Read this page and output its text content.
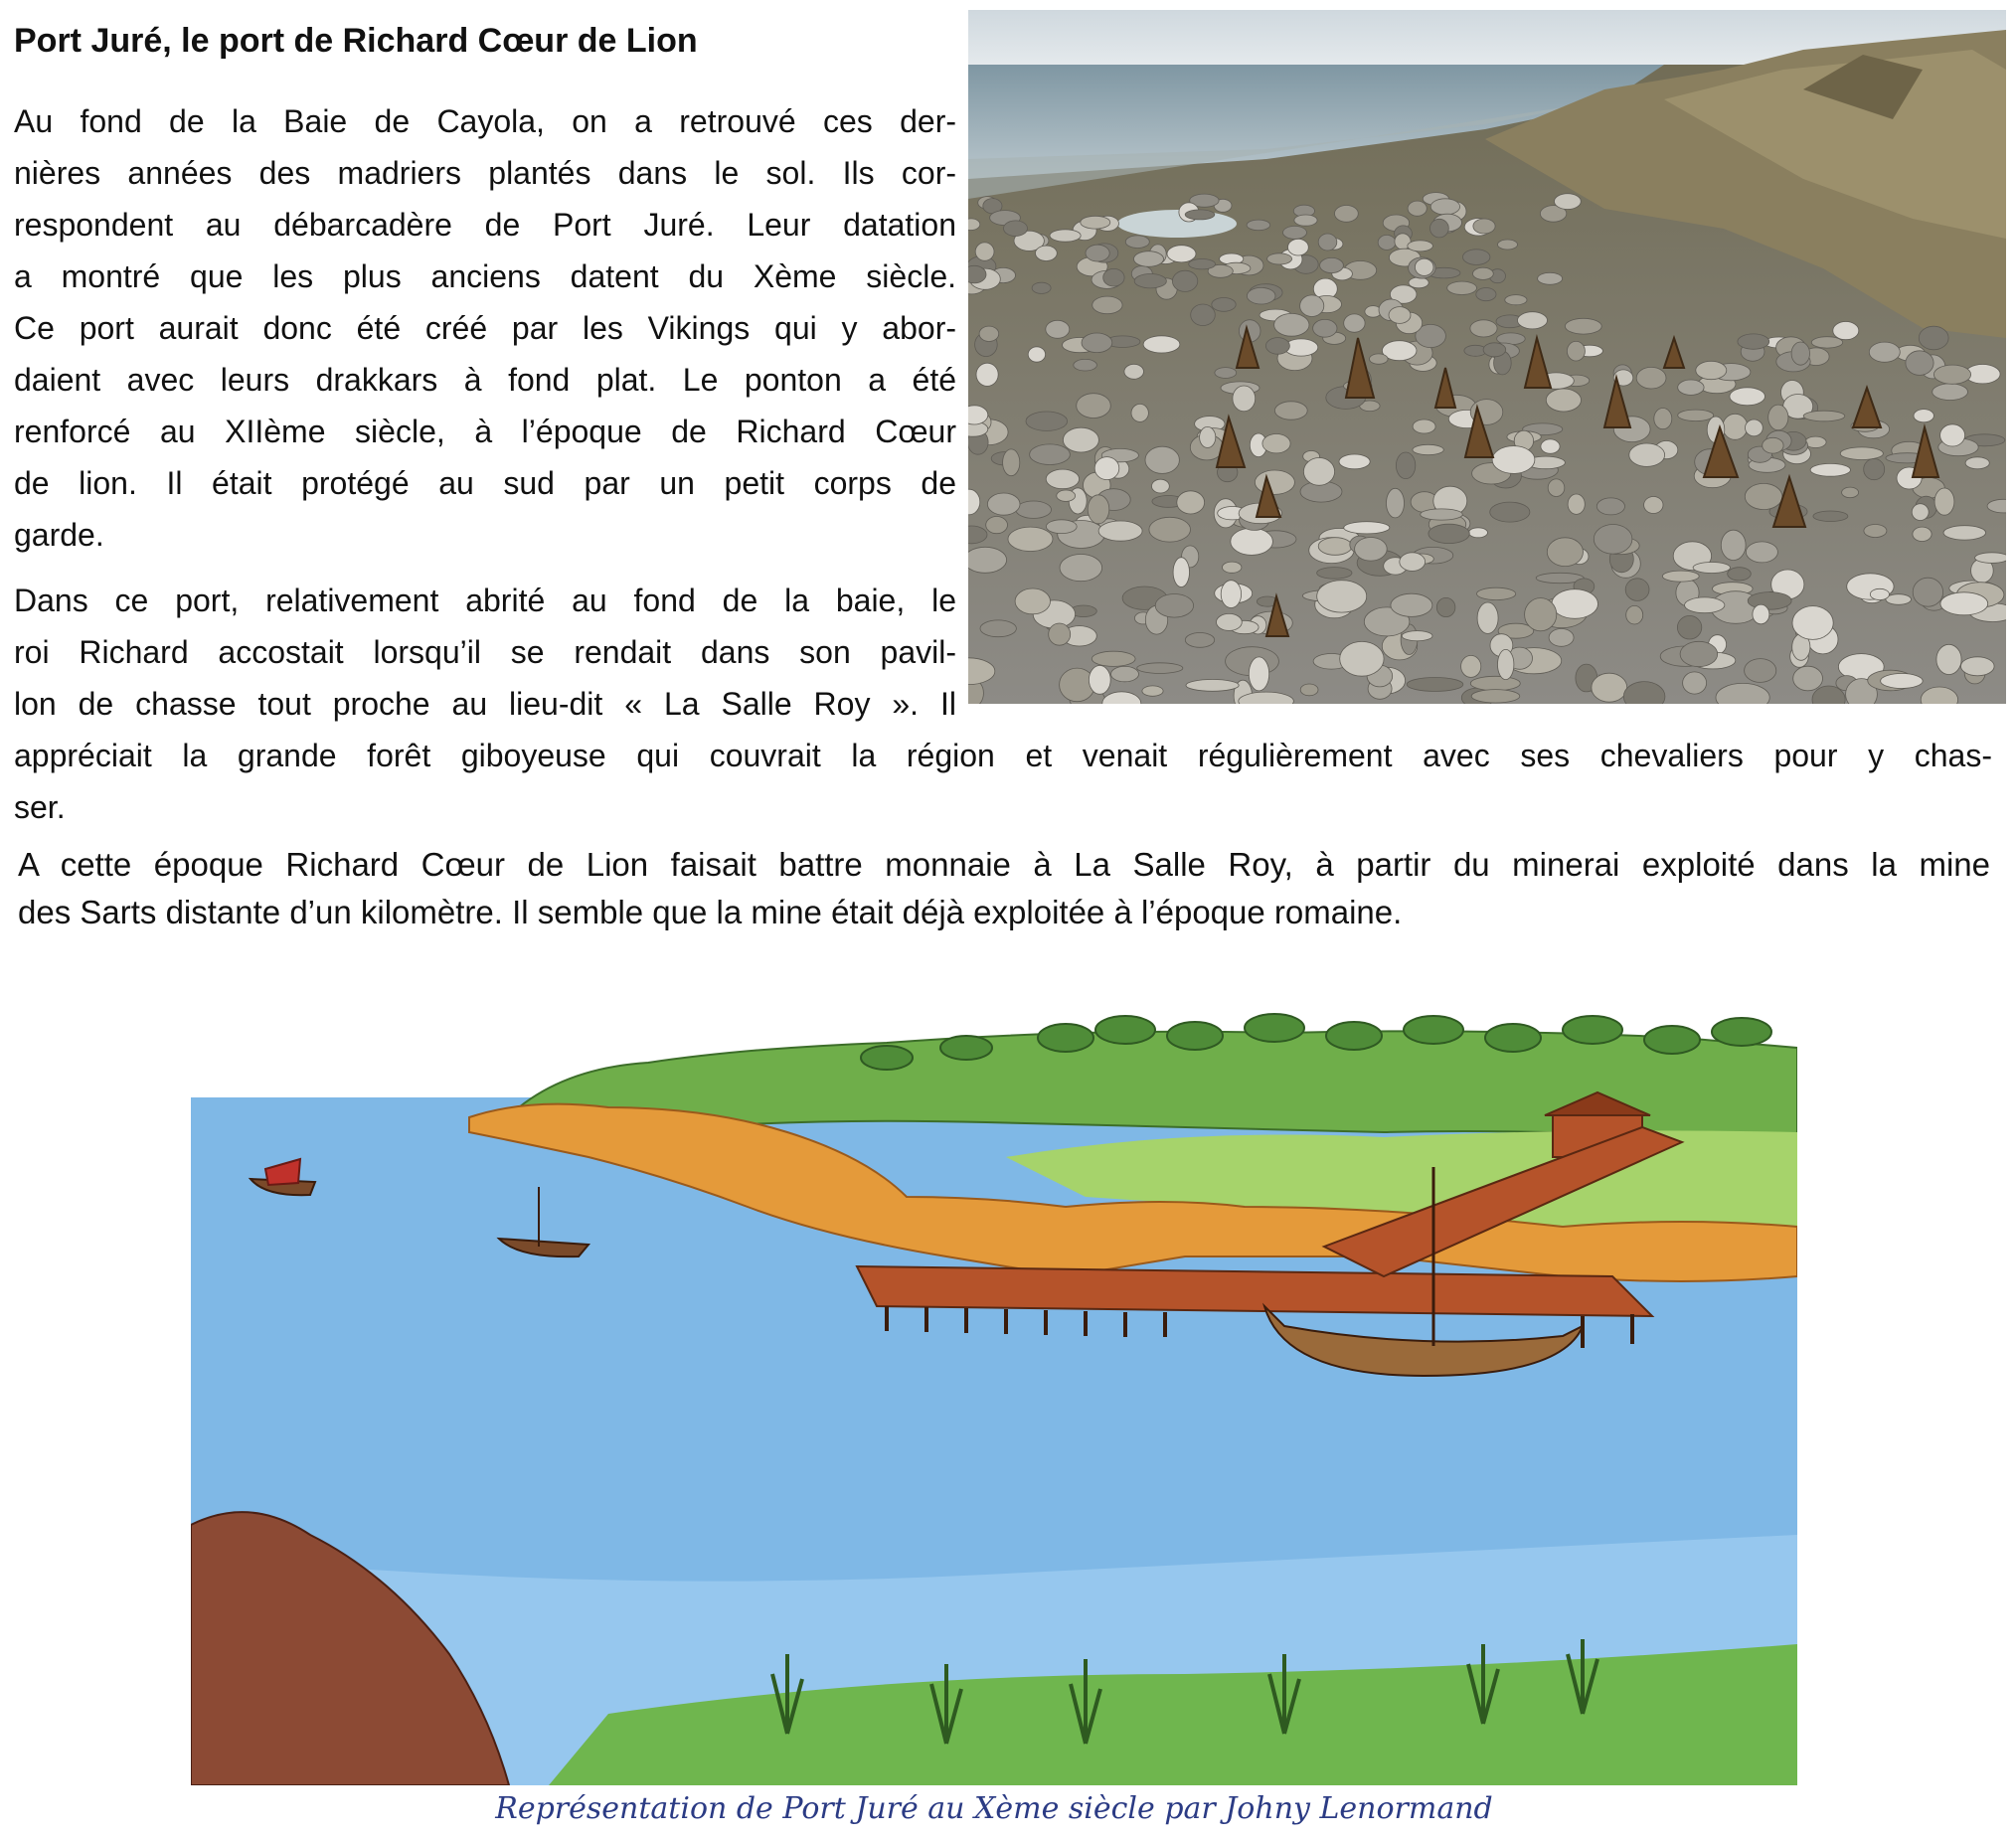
Port Juré, le port de Richard Cœur de Lion

Au fond de la Baie de Cayola, on a retrouvé ces der-
nières années des madriers plantés dans le sol. Ils cor-
respondent au débarcadère de Port Juré. Leur datation
a montré que les plus anciens datent du Xème siècle.
Ce port aurait donc été créé par les Vikings qui y abor-
daient avec leurs drakkars à fond plat. Le ponton a été
renforcé au XIIème siècle, à l’époque de Richard Cœur
de lion. Il était protégé au sud par un petit corps de
garde.

Dans ce port, relativement abrité au fond de la baie, le
roi Richard accostait lorsqu’il se rendait dans son pavil-
lon de chasse tout proche au lieu-dit « La Salle Roy ». Il

appréciait la grande forêt giboyeuse qui couvrait la région et venait régulièrement avec ses chevaliers pour y chas-
ser.

A cette époque Richard Cœur de Lion faisait battre monnaie à La Salle Roy, à partir du minerai exploité dans la mine
des Sarts distante d’un kilomètre. Il semble que la mine était déjà exploitée à l’époque romaine.

Représentation de Port Juré au Xème siècle par Johny Lenormand
